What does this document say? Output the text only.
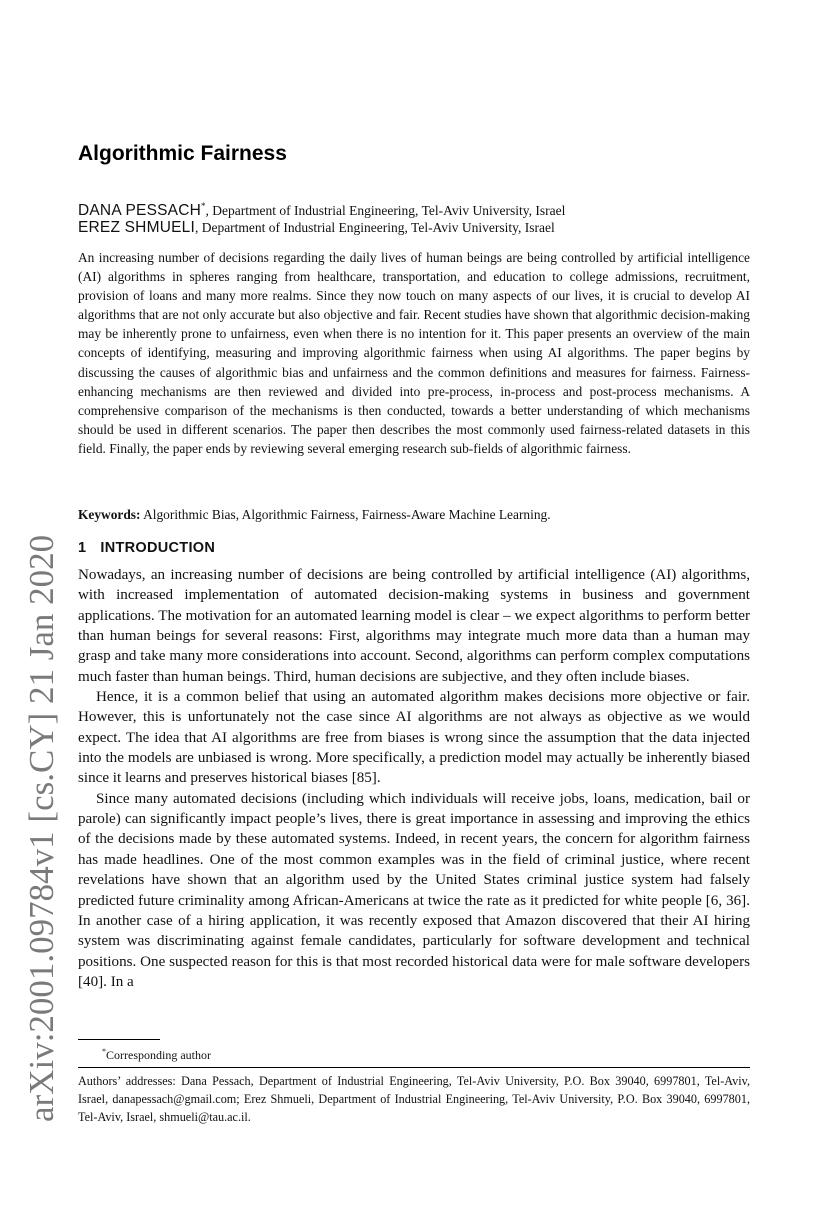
arXiv:2001.09784v1 [cs.CY] 21 Jan 2020
Algorithmic Fairness
DANA PESSACH*, Department of Industrial Engineering, Tel-Aviv University, Israel
EREZ SHMUELI, Department of Industrial Engineering, Tel-Aviv University, Israel

An increasing number of decisions regarding the daily lives of human beings are being controlled by artificial intelligence (AI) algorithms in spheres ranging from healthcare, transportation, and education to college admissions, recruitment, provision of loans and many more realms. Since they now touch on many aspects of our lives, it is crucial to develop AI algorithms that are not only accurate but also objective and fair. Recent studies have shown that algorithmic decision-making may be inherently prone to unfairness, even when there is no intention for it. This paper presents an overview of the main concepts of identifying, measuring and improving algorithmic fairness when using AI algorithms. The paper begins by discussing the causes of algorithmic bias and unfairness and the common definitions and measures for fairness. Fairness-enhancing mechanisms are then reviewed and divided into pre-process, in-process and post-process mechanisms. A comprehensive comparison of the mechanisms is then conducted, towards a better understanding of which mechanisms should be used in different scenarios. The paper then describes the most commonly used fairness-related datasets in this field. Finally, the paper ends by reviewing several emerging research sub-fields of algorithmic fairness.

Keywords: Algorithmic Bias, Algorithmic Fairness, Fairness-Aware Machine Learning.

1 INTRODUCTION

Nowadays, an increasing number of decisions are being controlled by artificial intelligence (AI) algorithms, with increased implementation of automated decision-making systems in business and government applications. The motivation for an automated learning model is clear – we expect algorithms to perform better than human beings for several reasons: First, algorithms may integrate much more data than a human may grasp and take many more considerations into account. Second, algorithms can perform complex computations much faster than human beings. Third, human decisions are subjective, and they often include biases.

Hence, it is a common belief that using an automated algorithm makes decisions more objective or fair. However, this is unfortunately not the case since AI algorithms are not always as objective as we would expect. The idea that AI algorithms are free from biases is wrong since the assumption that the data injected into the models are unbiased is wrong. More specifically, a prediction model may actually be inherently biased since it learns and preserves historical biases [85].

Since many automated decisions (including which individuals will receive jobs, loans, medication, bail or parole) can significantly impact people’s lives, there is great importance in assessing and improving the ethics of the decisions made by these automated systems. Indeed, in recent years, the concern for algorithm fairness has made headlines. One of the most common examples was in the field of criminal justice, where recent revelations have shown that an algorithm used by the United States criminal justice system had falsely predicted future criminality among African-Americans at twice the rate as it predicted for white people [6, 36]. In another case of a hiring application, it was recently exposed that Amazon discovered that their AI hiring system was discriminating against female candidates, particularly for software development and technical positions. One suspected reason for this is that most recorded historical data were for male software developers [40]. In a

*Corresponding author

Authors’ addresses: Dana Pessach, Department of Industrial Engineering, Tel-Aviv University, P.O. Box 39040, 6997801, Tel-Aviv, Israel, danapessach@gmail.com; Erez Shmueli, Department of Industrial Engineering, Tel-Aviv University, P.O. Box 39040, 6997801, Tel-Aviv, Israel, shmueli@tau.ac.il.
